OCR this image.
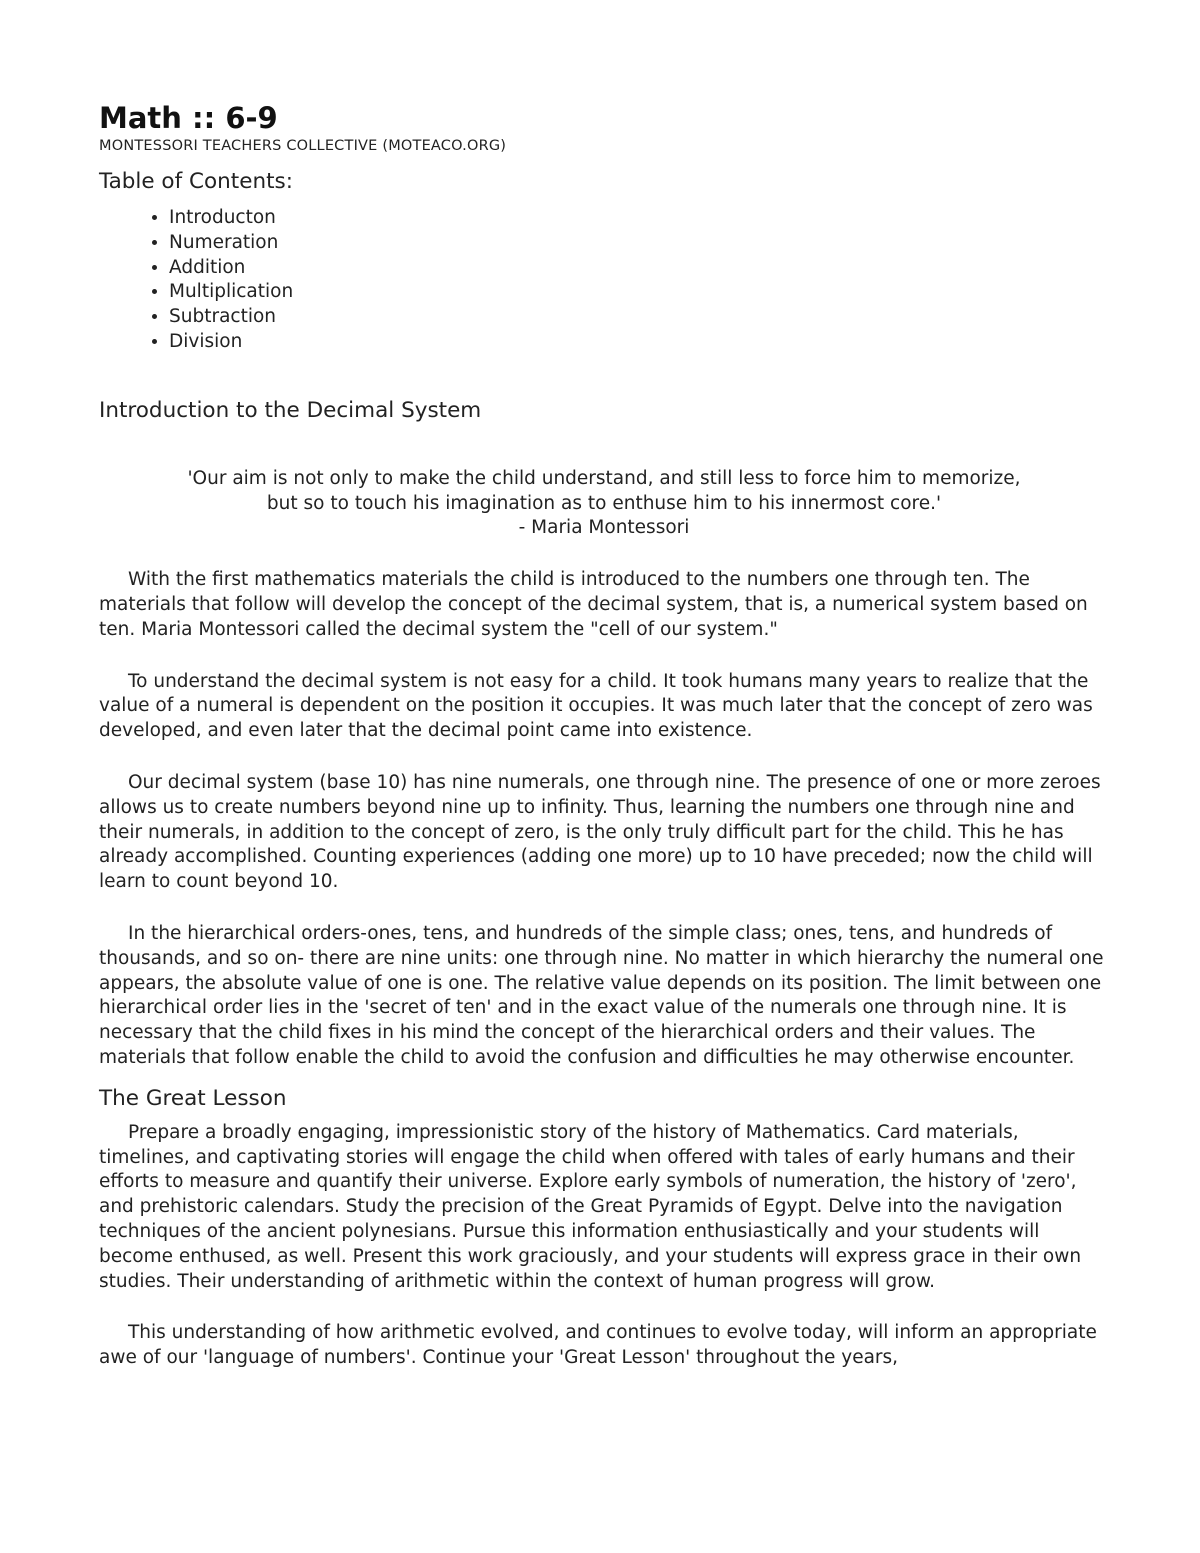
Math :: 6-9

MONTESSORI TEACHERS COLLECTIVE (MOTEACO.ORG)

Table of Contents:
• Introducton
• Numeration
• Addition
• Multiplication
• Subtraction
• Division
Introduction to the Decimal System

'Our aim is not only to make the child understand, and still less to force him to memorize,

but so to touch his imagination as to enthuse him to his innermost core.'

- Maria Montessori

With the first mathematics materials the child is introduced to the numbers one through ten. The materials that follow will develop the concept of the decimal system, that is, a numerical system based on ten. Maria Montessori called the decimal system the "cell of our system."

To understand the decimal system is not easy for a child. It took humans many years to realize that the value of a numeral is dependent on the position it occupies. It was much later that the concept of zero was developed, and even later that the decimal point came into existence.

Our decimal system (base 10) has nine numerals, one through nine. The presence of one or more zeroes allows us to create numbers beyond nine up to infinity. Thus, learning the numbers one through nine and their numerals, in addition to the concept of zero, is the only truly difficult part for the child. This he has already accomplished. Counting experiences (adding one more) up to 10 have preceded; now the child will learn to count beyond 10.

In the hierarchical orders-ones, tens, and hundreds of the simple class; ones, tens, and hundreds of thousands, and so on- there are nine units: one through nine. No matter in which hierarchy the numeral one appears, the absolute value of one is one. The relative value depends on its position. The limit between one hierarchical order lies in the 'secret of ten' and in the exact value of the numerals one through nine. It is necessary that the child fixes in his mind the concept of the hierarchical orders and their values. The materials that follow enable the child to avoid the confusion and difficulties he may otherwise encounter.

The Great Lesson

Prepare a broadly engaging, impressionistic story of the history of Mathematics. Card materials, timelines, and captivating stories will engage the child when offered with tales of early humans and their efforts to measure and quantify their universe. Explore early symbols of numeration, the history of 'zero', and prehistoric calendars. Study the precision of the Great Pyramids of Egypt. Delve into the navigation techniques of the ancient polynesians. Pursue this information enthusiastically and your students will become enthused, as well. Present this work graciously, and your students will express grace in their own studies. Their understanding of arithmetic within the context of human progress will grow.

This understanding of how arithmetic evolved, and continues to evolve today, will inform an appropriate awe of our 'language of numbers'. Continue your 'Great Lesson' throughout the years,
